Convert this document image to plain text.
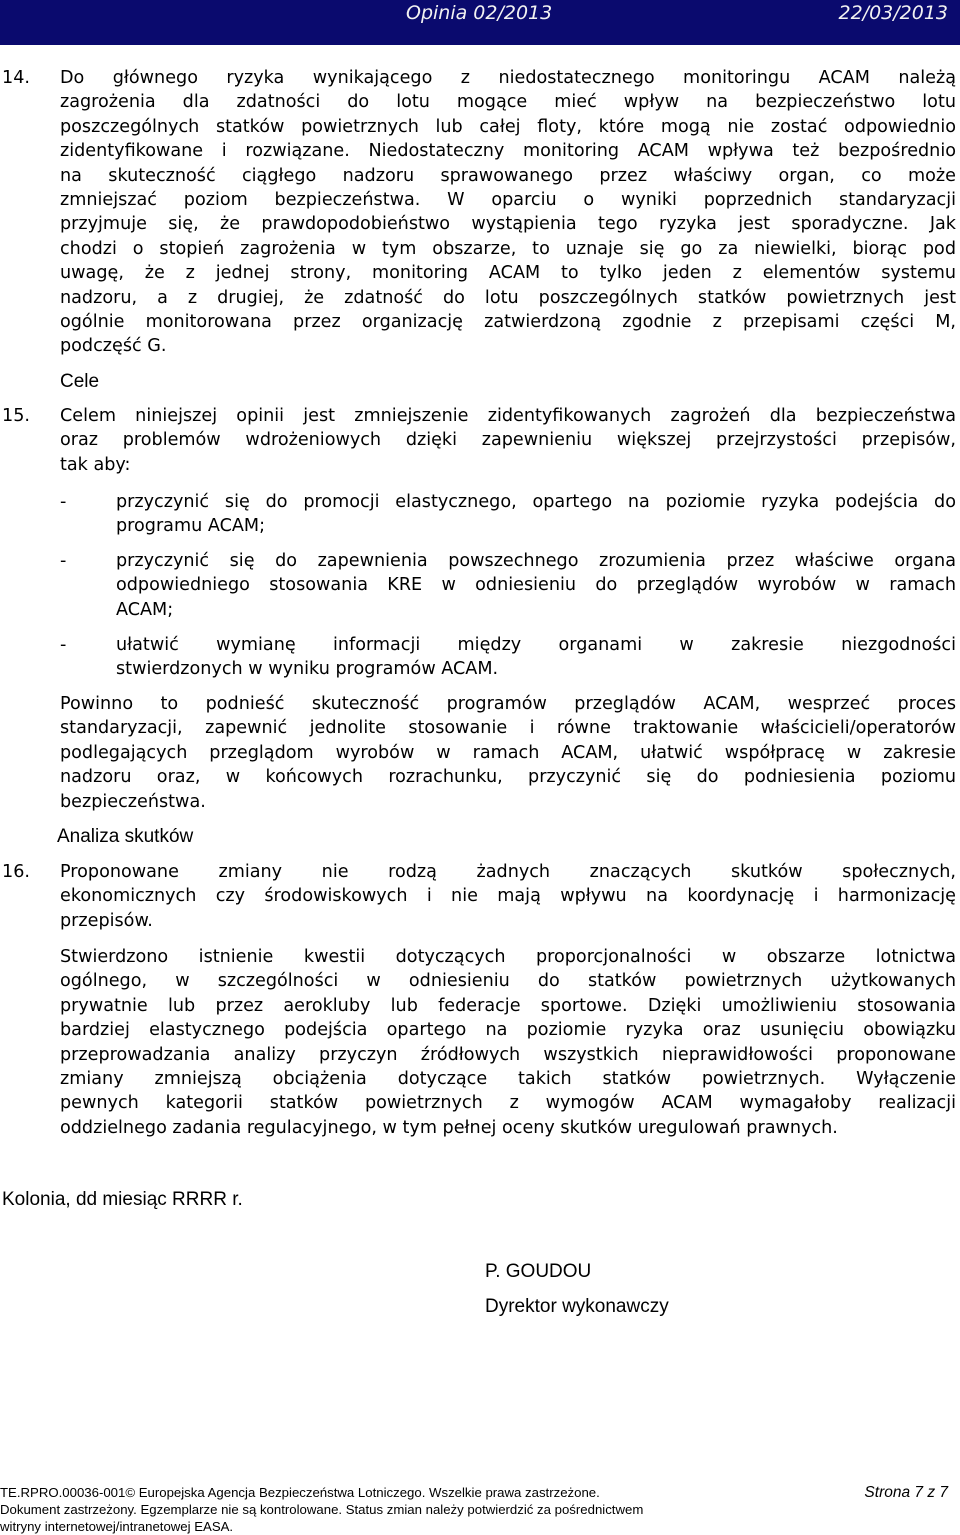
Opinia 02/2013	22/03/2013
14. Do głównego ryzyka wynikającego z niedostatecznego monitoringu ACAM należą
zagrożenia dla zdatności do lotu mogące mieć wpływ na bezpieczeństwo lotu
poszczególnych statków powietrznych lub całej floty, które mogą nie zostać odpowiednio
zidentyfikowane i rozwiązane. Niedostateczny monitoring ACAM wpływa też bezpośrednio
na skuteczność ciągłego nadzoru sprawowanego przez właściwy organ, co może
zmniejszać poziom bezpieczeństwa. W oparciu o wyniki poprzednich standaryzacji
przyjmuje się, że prawdopodobieństwo wystąpienia tego ryzyka jest sporadyczne. Jak
chodzi o stopień zagrożenia w tym obszarze, to uznaje się go za niewielki, biorąc pod
uwagę, że z jednej strony, monitoring ACAM to tylko jeden z elementów systemu
nadzoru, a z drugiej, że zdatność do lotu poszczególnych statków powietrznych jest
ogólnie monitorowana przez organizację zatwierdzoną zgodnie z przepisami części M,
podczęść G.
Cele
15. Celem niniejszej opinii jest zmniejszenie zidentyfikowanych zagrożeń dla bezpieczeństwa
oraz problemów wdrożeniowych dzięki zapewnieniu większej przejrzystości przepisów,
tak aby:
-	przyczynić się do promocji elastycznego, opartego na poziomie ryzyka podejścia do
programu ACAM;
-	przyczynić się do zapewnienia powszechnego zrozumienia przez właściwe organa
odpowiedniego stosowania KRE w odniesieniu do przeglądów wyrobów w ramach
ACAM;
-	ułatwić wymianę informacji między organami w zakresie niezgodności
stwierdzonych w wyniku programów ACAM.
Powinno to podnieść skuteczność programów przeglądów ACAM, wesprzeć proces
standaryzacji, zapewnić jednolite stosowanie i równe traktowanie właścicieli/operatorów
podlegających przeglądom wyrobów w ramach ACAM, ułatwić współpracę w zakresie
nadzoru oraz, w końcowych rozrachunku, przyczynić się do podniesienia poziomu
bezpieczeństwa.
Analiza skutków
16. Proponowane zmiany nie rodzą żadnych znaczących skutków społecznych,
ekonomicznych czy środowiskowych i nie mają wpływu na koordynację i harmonizację
przepisów.
Stwierdzono istnienie kwestii dotyczących proporcjonalności w obszarze lotnictwa
ogólnego, w szczególności w odniesieniu do statków powietrznych użytkowanych
prywatnie lub przez aerokluby lub federacje sportowe. Dzięki umożliwieniu stosowania
bardziej elastycznego podejścia opartego na poziomie ryzyka oraz usunięciu obowiązku
przeprowadzania analizy przyczyn źródłowych wszystkich nieprawidłowości proponowane
zmiany zmniejszą obciążenia dotyczące takich statków powietrznych. Wyłączenie
pewnych kategorii statków powietrznych z wymogów ACAM wymagałoby realizacji
oddzielnego zadania regulacyjnego, w tym pełnej oceny skutków uregulowań prawnych.
Kolonia, dd miesiąc RRRR r.
P. GOUDOU
Dyrektor wykonawczy
TE.RPRO.00036-001© Europejska Agencja Bezpieczeństwa Lotniczego. Wszelkie prawa zastrzeżone.
Dokument zastrzeżony. Egzemplarze nie są kontrolowane. Status zmian należy potwierdzić za pośrednictwem
witryny internetowej/intranetowej EASA.
Strona 7 z 7
